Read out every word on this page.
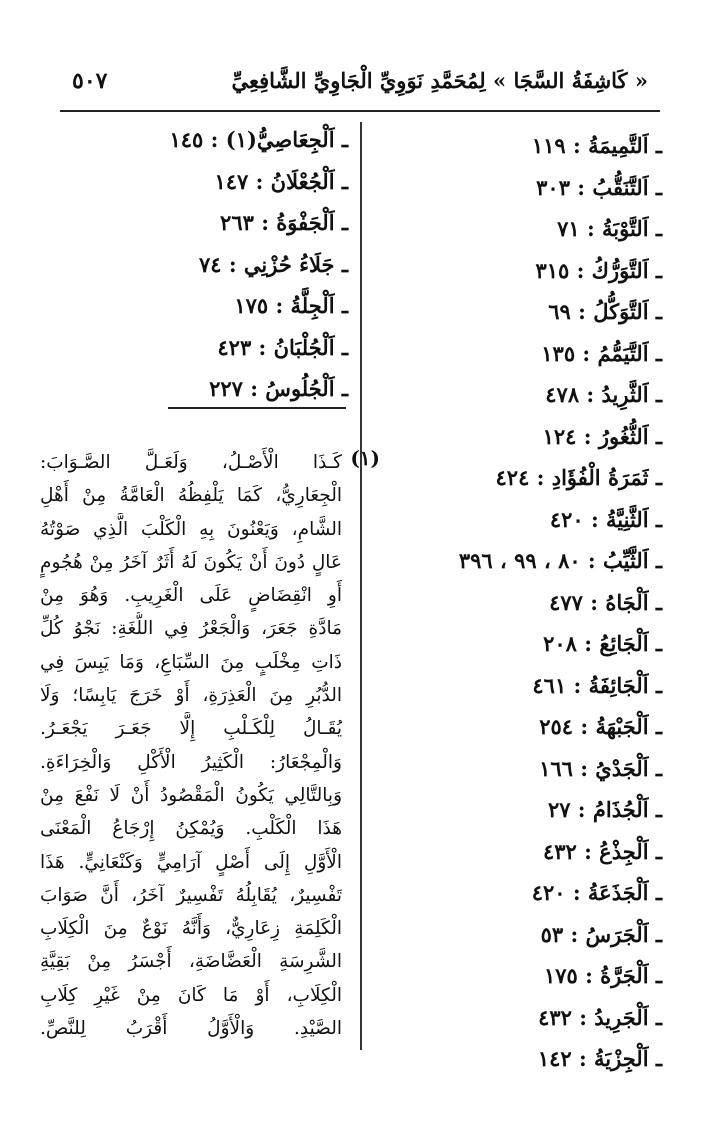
« كَاشِفَةُ السَّجَا » لِمُحَمَّدِ نَوَوِيِّ الْجَاوِيِّ الشَّافِعِيِّ
٥٠٧
ـ اَلتَّمِيمَةُ : ١١٩
ـ اَلتَّنَقُّبُ : ٣٠٣
ـ اَلتَّوْبَةُ : ٧١
ـ اَلتَّوَرُّكُ : ٣١٥
ـ اَلتَّوَكُّلُ : ٦٩
ـ اَلتَّيَمُّمُ : ١٣٥
ـ اَلثَّرِيدُ : ٤٧٨
ـ اَلثُّغُورُ : ١٢٤
ـ ثَمَرَةُ الْفُؤَادِ : ٤٢٤
ـ اَلثَّنِيَّةُ : ٤٢٠
ـ اَلثَّيِّبُ : ٨٠ ، ٩٩ ، ٣٩٦
ـ اَلْجَاهُ : ٤٧٧
ـ اَلْجَائِعُ : ٢٠٨
ـ اَلْجَائِفَةُ : ٤٦١
ـ اَلْجَبْهَةُ : ٢٥٤
ـ اَلْجَدْيُ : ١٦٦
ـ اَلْجُذَامُ : ٢٧
ـ اَلْجِذْعُ : ٤٣٢
ـ اَلْجَذَعَةُ : ٤٢٠
ـ اَلْجَرَسُ : ٥٣
ـ اَلْجَرَّةُ : ١٧٥
ـ اَلْجَرِيدُ : ٤٣٢
ـ اَلْجِزْيَةُ : ١٤٢
ـ اَلْجِعَاصِيُّ(١) : ١٤٥
ـ اَلْجُعْلَانُ : ١٤٧
ـ اَلْجَفْوَةُ : ٢٦٣
ـ جَلَاءُ حُزْنِي : ٧٤
ـ اَلْجِلَّةُ : ١٧٥
ـ اَلْجُلْبَانُ : ٤٢٣
ـ اَلْجُلُوسُ : ٢٢٧
(١)
كَـذَا الْأَصْـلُ، وَلَعَـلَّ الصَّـوَابَ:
الْجِعَارِيُّ، كَمَا يَلْفِظُهُ الْعَامَّةُ مِنْ أَهْلِ
الشَّامِ، وَيَعْنُونَ بِهِ الْكَلْبَ الَّذِي صَوْتُهُ
عَالٍ دُونَ أَنْ يَكُونَ لَهُ أَثَرٌ آخَرُ مِنْ هُجُومٍ
أَوِ انْقِضَاضٍ عَلَى الْغَرِيبِ. وَهُوَ مِنْ
مَادَّةِ جَعَرَ، وَالْجَعْرُ فِي اللُّغَةِ: نَجْوُ كُلِّ
ذَاتِ مِخْلَبٍ مِنَ السِّبَاعِ، وَمَا يَبِسَ فِي
الدُّبُرِ مِنَ الْعَذِرَةِ، أَوْ خَرَجَ يَابِسًا؛ وَلَا
يُقَـالُ لِلْكَـلْبِ إِلَّا جَعَـرَ يَجْعَـرُ.
وَالْمِجْعَارُ: الْكَثِيرُ الْأَكْلِ وَالْخِرَاءَةِ.
وَبِالتَّالِي يَكُونُ الْمَقْصُودُ أَنْ لَا نَفْعَ مِنْ
هَذَا الْكَلْبِ. وَيُمْكِنُ إِرْجَاعُ الْمَعْنَى
الْأَوَّلِ إِلَى أَصْلٍ آرَامِيٍّ وَكَنْعَانِيٍّ. هَذَا
تَفْسِيرٌ، يُقَابِلُهُ تَفْسِيرٌ آخَرُ، أَنَّ صَوَابَ
الْكَلِمَةِ زِعَارِيٌّ، وَأَنَّهُ نَوْعٌ مِنَ الْكِلَابِ
الشَّرِسَةِ الْعَضَّاضَةِ، أَجْسَرُ مِنْ بَقِيَّةِ
الْكِلَابِ، أَوْ مَا كَانَ مِنْ غَيْرِ كِلَابِ
الصَّيْدِ. وَالْأَوَّلُ أَقْرَبُ لِلنَّصِّ.
